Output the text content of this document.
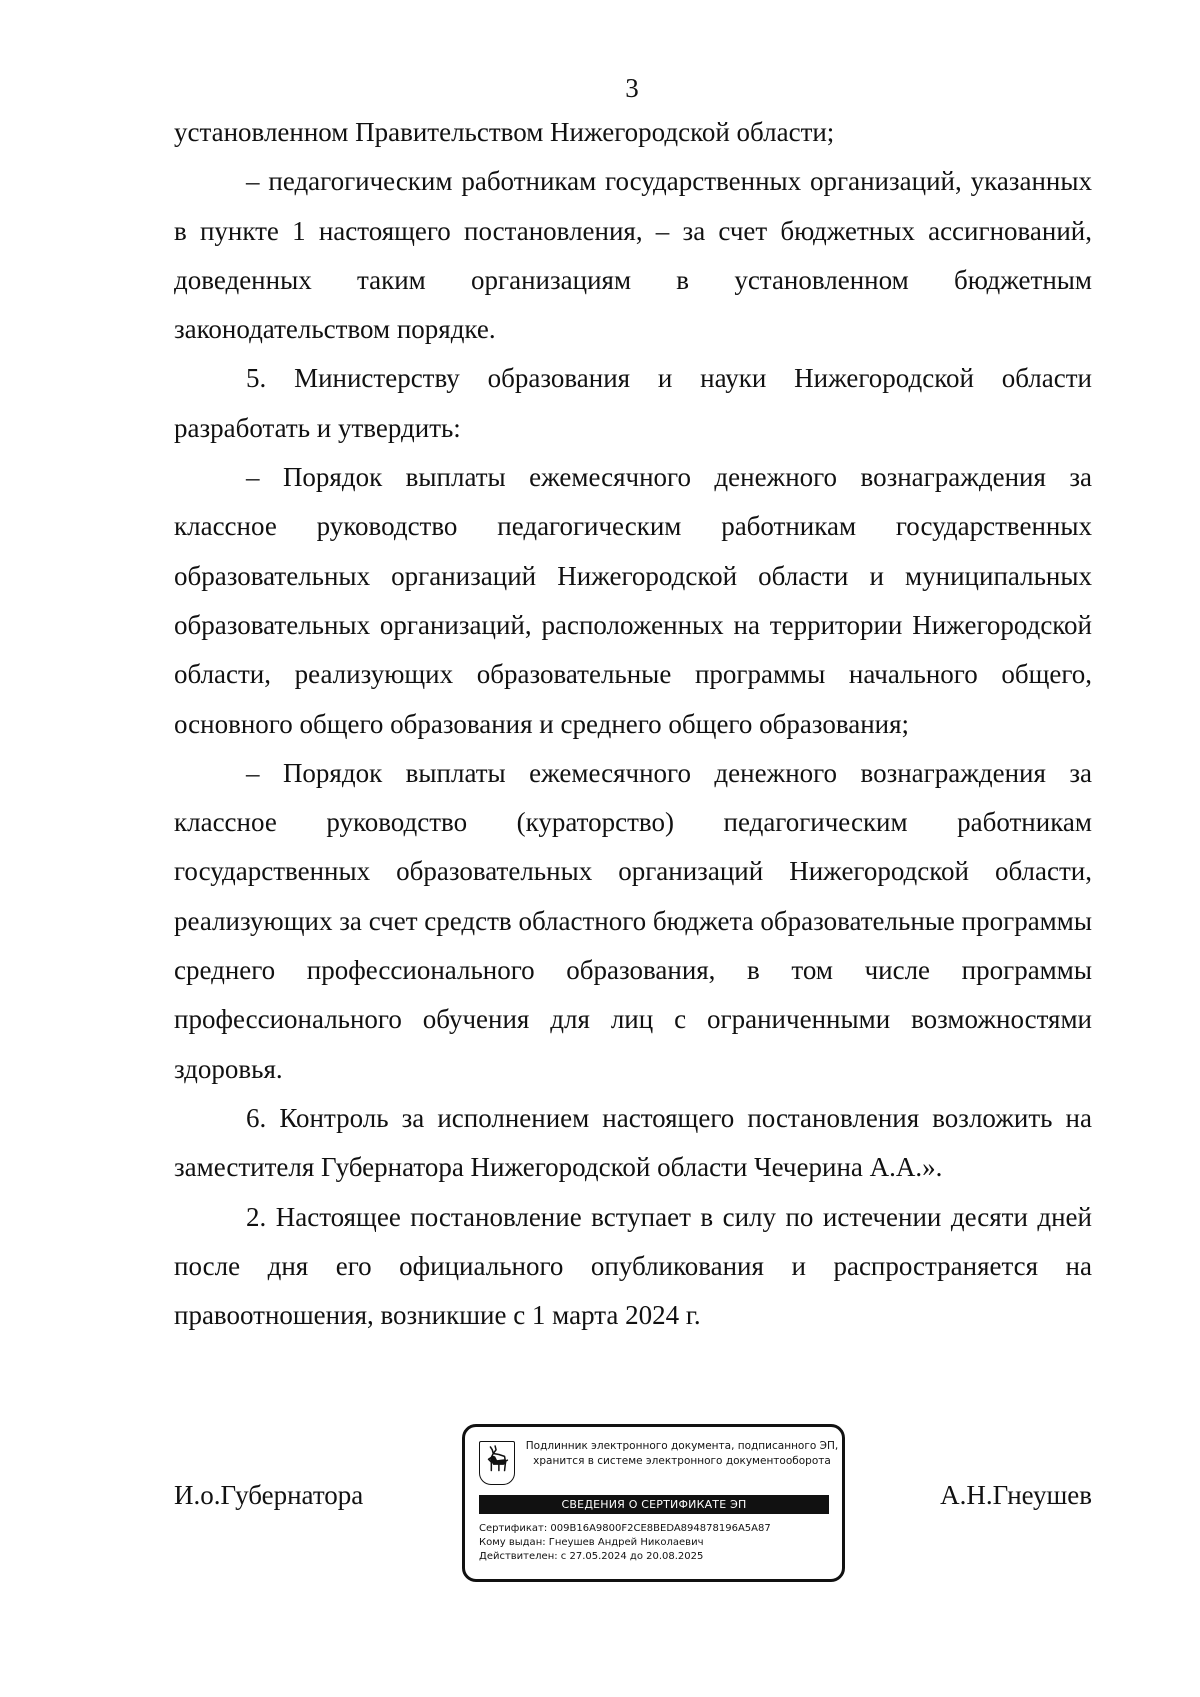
3

установленном Правительством Нижегородской области;

– педагогическим работникам государственных организаций, указанных в пункте 1 настоящего постановления, – за счет бюджетных ассигнований, доведенных таким организациям в установленном бюджетным законодательством порядке.

5. Министерству образования и науки Нижегородской области разработать и утвердить:

– Порядок выплаты ежемесячного денежного вознаграждения за классное руководство педагогическим работникам государственных образовательных организаций Нижегородской области и муниципальных образовательных организаций, расположенных на территории Нижегородской области, реализующих образовательные программы начального общего, основного общего образования и среднего общего образования;

– Порядок выплаты ежемесячного денежного вознаграждения за классное руководство (кураторство) педагогическим работникам государственных образовательных организаций Нижегородской области, реализующих за счет средств областного бюджета образовательные программы среднего профессионального образования, в том числе программы профессионального обучения для лиц с ограниченными возможностями здоровья.

6. Контроль за исполнением настоящего постановления возложить на заместителя Губернатора Нижегородской области Чечерина А.А.».

2. Настоящее постановление вступает в силу по истечении десяти дней после дня его официального опубликования и распространяется на правоотношения, возникшие с 1 марта 2024 г.

И.о.Губернатора	А.Н.Гнеушев
Подлинник электронного документа, подписанного ЭП,
хранится в системе электронного документооборота
СВЕДЕНИЯ О СЕРТИФИКАТЕ ЭП
Сертификат: 009B16A9800F2CE8BEDA894878196A5A87
Кому выдан: Гнеушев Андрей Николаевич
Действителен: с 27.05.2024 до 20.08.2025
